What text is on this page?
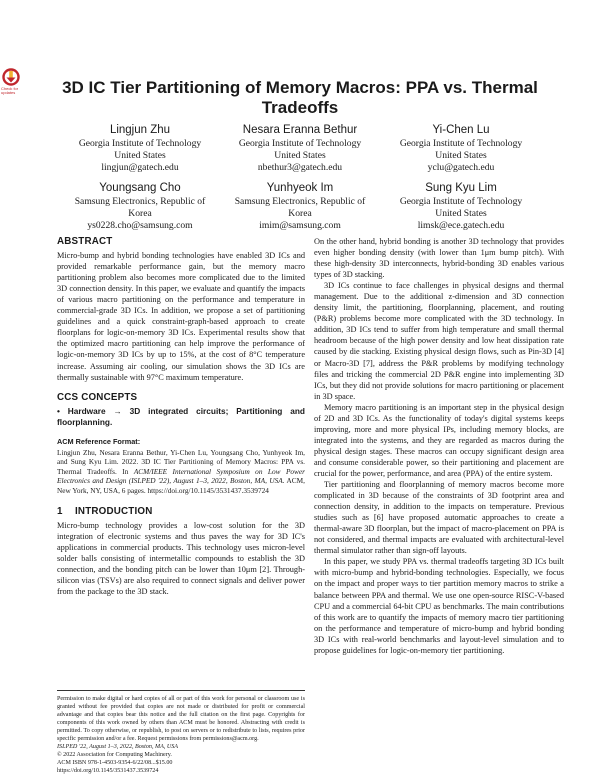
Check for updates	3D IC Tier Partitioning of Memory Macros: PPA vs. Thermal Tradeoffs
Lingjun Zhu
Georgia Institute of Technology
United States
lingjun@gatech.edu
Nesara Eranna Bethur
Georgia Institute of Technology
United States
nbethur3@gatech.edu
Yi-Chen Lu
Georgia Institute of Technology
United States
yclu@gatech.edu
Youngsang Cho
Samsung Electronics, Republic of
Korea
ys0228.cho@samsung.com
Yunhyeok Im
Samsung Electronics, Republic of
Korea
imim@samsung.com
Sung Kyu Lim
Georgia Institute of Technology
United States
limsk@ece.gatech.edu
ABSTRACT

Micro-bump and hybrid bonding technologies have enabled 3D ICs and provided remarkable performance gain, but the memory macro partitioning problem also becomes more complicated due to the limited 3D connection density. In this paper, we evaluate and quantify the impacts of various macro partitioning on the performance and temperature in commercial-grade 3D ICs. In addition, we propose a set of partitioning guidelines and a quick constraint-graph-based approach to create floorplans for logic-on-memory 3D ICs. Experimental results show that the optimized macro partitioning can help improve the performance of logic-on-memory 3D ICs by up to 15%, at the cost of 8°C temperature increase. Assuming air cooling, our simulation shows the 3D ICs are thermally sustainable with 97°C maximum temperature.

CCS CONCEPTS

• Hardware → 3D integrated circuits; Partitioning and floorplanning.

ACM Reference Format:

Lingjun Zhu, Nesara Eranna Bethur, Yi-Chen Lu, Youngsang Cho, Yunhyeok Im, and Sung Kyu Lim. 2022. 3D IC Tier Partitioning of Memory Macros: PPA vs. Thermal Tradeoffs. In ACM/IEEE International Symposium on Low Power Electronics and Design (ISLPED '22), August 1–3, 2022, Boston, MA, USA. ACM, New York, NY, USA, 6 pages. https://doi.org/10.1145/3531437.3539724

1 INTRODUCTION

Micro-bump technology provides a low-cost solution for the 3D integration of electronic systems and thus paves the way for 3D IC's applications in commercial products. This technology uses micron-level solder balls consisting of intermetallic compounds to establish the 3D connection, and the bonding pitch can be lower than 10μm [2]. Through-silicon vias (TSVs) are also required to connect signals and deliver power from the package to the 3D stack.

Permission to make digital or hard copies of all or part of this work for personal or classroom use is granted without fee provided that copies are not made or distributed for profit or commercial advantage and that copies bear this notice and the full citation on the first page. Copyrights for components of this work owned by others than ACM must be honored. Abstracting with credit is permitted. To copy otherwise, or republish, to post on servers or to redistribute to lists, requires prior specific permission and/or a fee. Request permissions from permissions@acm.org.

ISLPED '22, August 1–3, 2022, Boston, MA, USA

© 2022 Association for Computing Machinery.

ACM ISBN 978-1-4503-9354-6/22/08...$15.00

https://doi.org/10.1145/3531437.3539724

On the other hand, hybrid bonding is another 3D technology that provides even higher bonding density (with lower than 1μm bump pitch). With these high-density 3D interconnects, hybrid-bonding 3D enables various types of 3D stacking.

3D ICs continue to face challenges in physical designs and thermal management. Due to the additional z-dimension and 3D connection density limit, the partitioning, floorplanning, placement, and routing (P&R) problems become more complicated with the 3D technology. In addition, 3D ICs tend to suffer from high temperature and small thermal headroom because of the high power density and low heat dissipation rate caused by die stacking. Existing physical design flows, such as Pin-3D [4] or Macro-3D [7], address the P&R problems by modifying technology files and tricking the commercial 2D P&R engine into implementing 3D ICs, but they did not provide solutions for macro partitioning or placement in 3D space.

Memory macro partitioning is an important step in the physical design of 2D and 3D ICs. As the functionality of today's digital systems keeps improving, more and more physical IPs, including memory blocks, are integrated into the systems, and they are regarded as macros during the physical design stages. These macros can occupy significant design area and consume considerable power, so their partitioning and placement are crucial for the power, performance, and area (PPA) of the entire system.

Tier partitioning and floorplanning of memory macros become more complicated in 3D because of the constraints of 3D footprint area and connection density, in addition to the impacts on temperature. Previous studies such as [6] have proposed automatic approaches to create a thermal-aware 3D floorplan, but the impact of macro-placement on PPA is not considered, and thermal impacts are evaluated with architectural-level thermal simulator rather than sign-off layouts.

In this paper, we study PPA vs. thermal tradeoffs targeting 3D ICs built with micro-bump and hybrid-bonding technologies. Especially, we focus on the impact and proper ways to tier partition memory macros to strike a balance between PPA and thermal. We use one open-source RISC-V-based CPU and a commercial 64-bit CPU as benchmarks. The main contributions of this work are to quantify the impacts of memory macro tier partitioning on the performance and temperature of micro-bump and hybrid bonding 3D ICs with real-world benchmarks and layout-level simulation and to propose guidelines for logic-on-memory tier partitioning.
